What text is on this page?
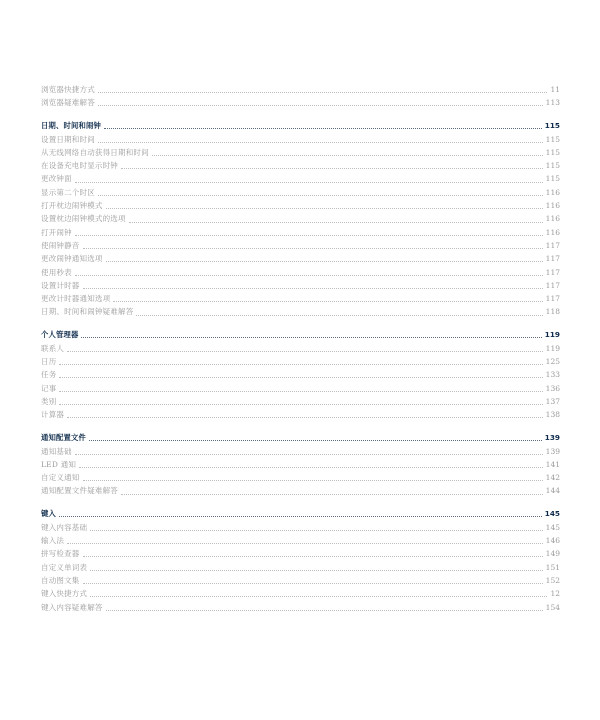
浏览器快捷方式	11
浏览器疑难解答	113
日期、时间和闹钟	115
设置日期和时间	115
从无线网络自动获得日期和时间	115
在设备充电时显示时钟	115
更改钟面	115
显示第二个时区	116
打开枕边闹钟模式	116
设置枕边闹钟模式的选项	116
打开闹钟	116
使闹钟静音	117
更改闹钟通知选项	117
使用秒表	117
设置计时器	117
更改计时器通知选项	117
日期、时间和闹钟疑难解答	118
个人管理器	119
联系人	119
日历	125
任务	133
记事	136
类别	137
计算器	138
通知配置文件	139
通知基础	139
LED 通知	141
自定义通知	142
通知配置文件疑难解答	144
键入	145
键入内容基础	145
输入法	146
拼写检查器	149
自定义单词表	151
自动图文集	152
键入快捷方式	12
键入内容疑难解答	154
